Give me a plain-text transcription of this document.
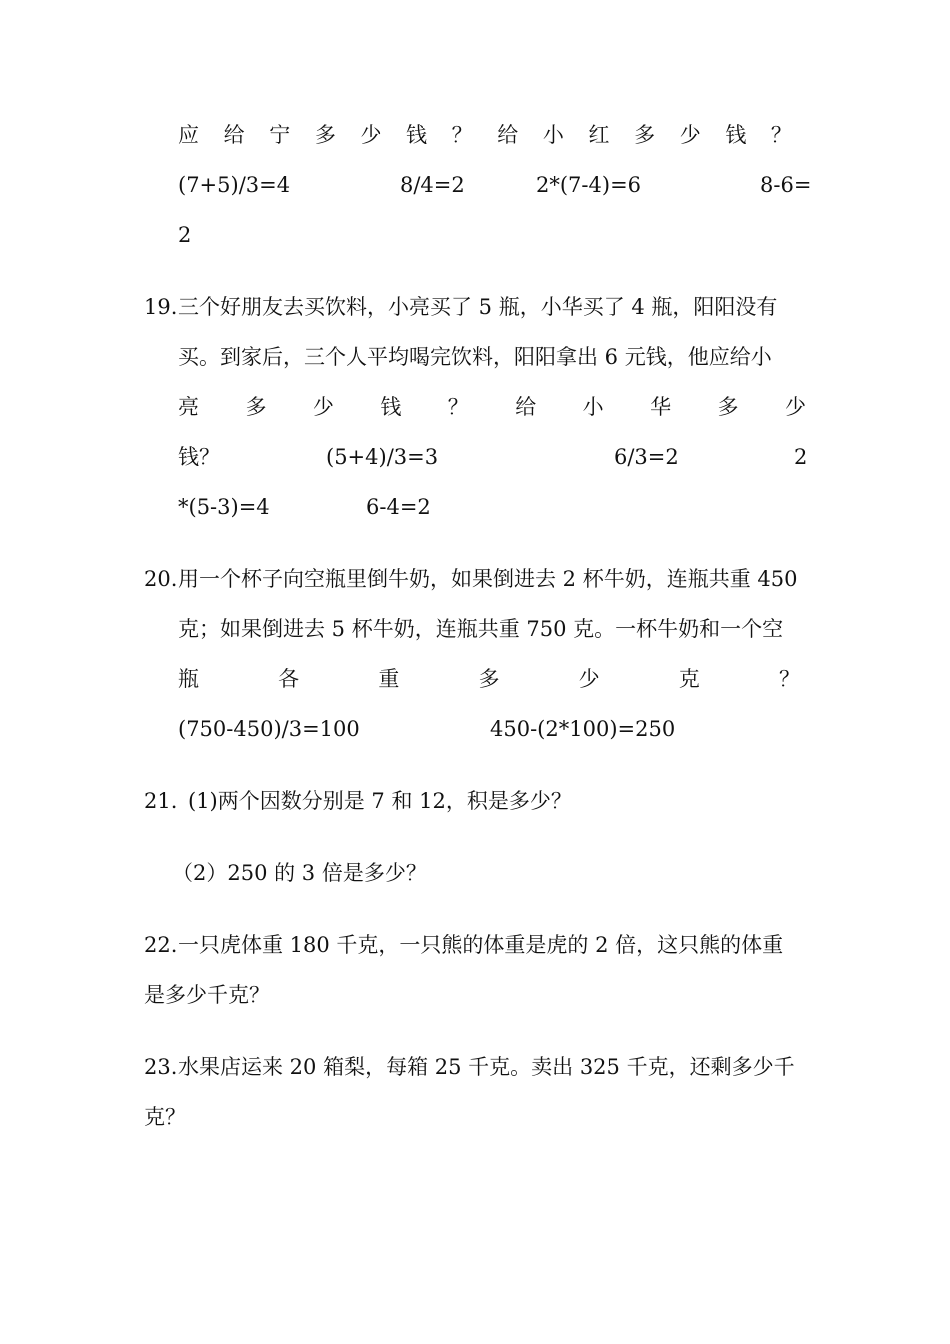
应 给 宁 多 少 钱 ？ 给 小 红 多 少 钱 ？
(7+5)/3=4	8/4=2	2*(7-4)=6	8-6=
2
19. 三个好朋友去买饮料，小亮买了 5 瓶，小华买了 4 瓶，阳阳没有
买。到家后，三个人平均喝完饮料，阳阳拿出 6 元钱，他应给小
亮 多 少 钱 ？ 给 小 华 多 少
钱？	(5+4)/3=3	6/3=2	2
*(5-3)=4	6-4=2
20. 用一个杯子向空瓶里倒牛奶，如果倒进去 2 杯牛奶，连瓶共重 450
克；如果倒进去 5 杯牛奶，连瓶共重 750 克。一杯牛奶和一个空
瓶	各	重	多	少	克	？
(750-450)/3=100	450-(2*100)=250
21. (1)两个因数分别是 7 和 12，积是多少？
（2）250 的 3 倍是多少？
22. 一只虎体重 180 千克，一只熊的体重是虎的 2 倍，这只熊的体重
是多少千克？
23. 水果店运来 20 箱梨，每箱 25 千克。卖出 325 千克，还剩多少千
克？
